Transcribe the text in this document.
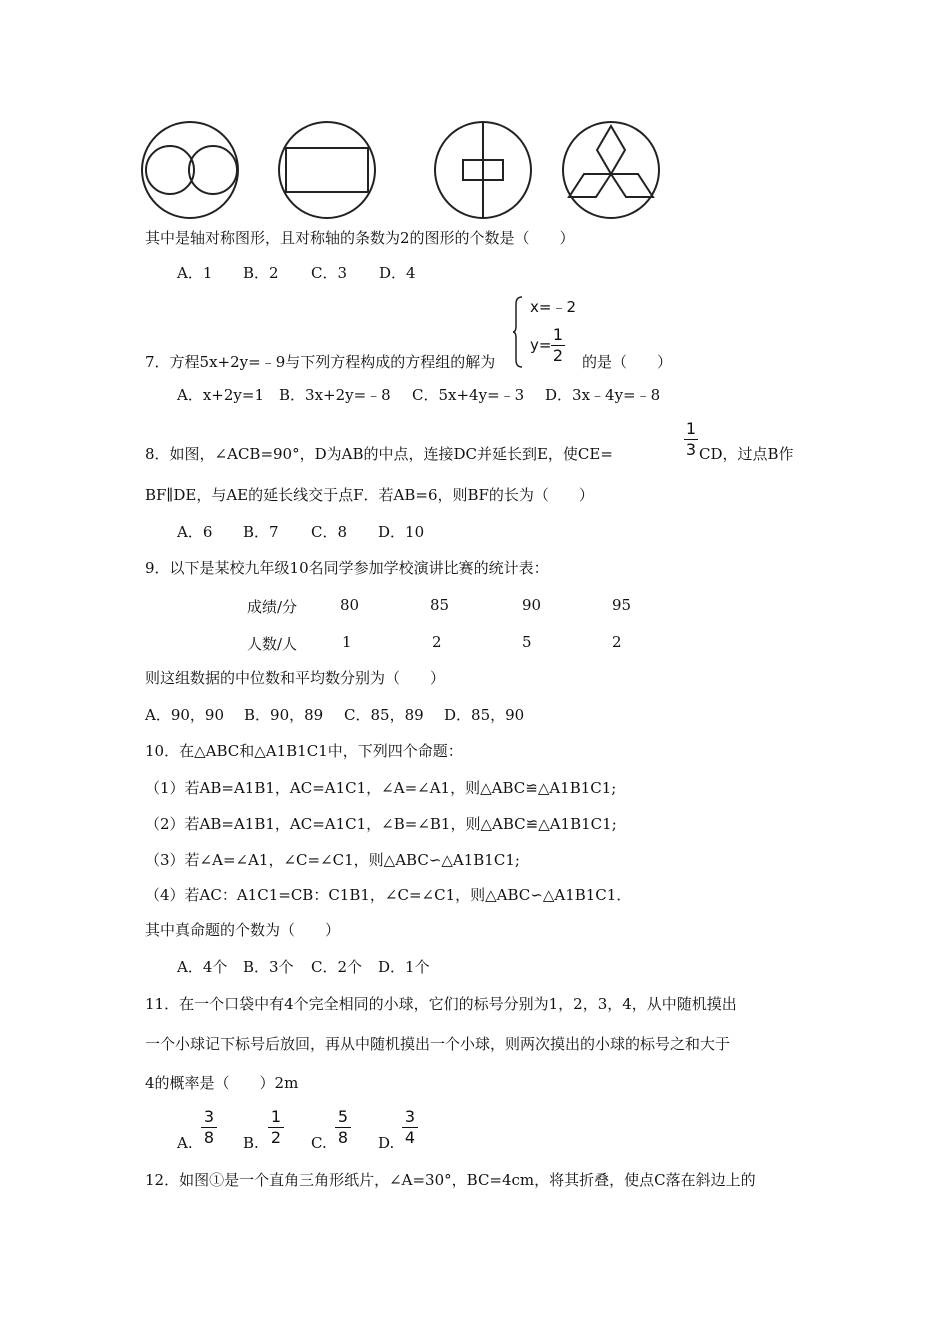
其中是轴对称图形，且对称轴的条数为2的图形的个数是（　　）
A．1 B．2 C．3 D．4
x=﹣2
y=
1
2
7．方程5x+2y=﹣9与下列方程构成的方程组的解为	的是（　　）
A．x+2y=1 B．3x+2y=﹣8 C．5x+4y=﹣3 D．3x﹣4y=﹣8
1
3
8．如图，∠ACB=90°，D为AB的中点，连接DC并延长到E，使CE=	CD，过点B作
BF∥DE，与AE的延长线交于点F．若AB=6，则BF的长为（　　）
A．6 B．7 C．8 D．10
9．以下是某校九年级10名同学参加学校演讲比赛的统计表：
成绩/分	80	85	90	95
人数/人	1	2	5	2
则这组数据的中位数和平均数分别为（　　）
A．90，90 B．90，89 C．85，89 D．85，90
10．在△ABC和△A1B1C1中，下列四个命题：
（1）若AB=A1B1，AC=A1C1，∠A=∠A1，则△ABC≌△A1B1C1;
（2）若AB=A1B1，AC=A1C1，∠B=∠B1，则△ABC≌△A1B1C1;
（3）若∠A=∠A1，∠C=∠C1，则△ABC∽△A1B1C1;
（4）若AC：A1C1=CB：C1B1，∠C=∠C1，则△ABC∽△A1B1C1．
其中真命题的个数为（　　）
A．4个 B．3个 C．2个 D．1个
11．在一个口袋中有4个完全相同的小球，它们的标号分别为1，2，3，4，从中随机摸出
一个小球记下标号后放回，再从中随机摸出一个小球，则两次摸出的小球的标号之和大于
4的概率是（　　）2m
A.
3
8 B.
1
2 C.
5
8 D.
3
4
12．如图①是一个直角三角形纸片，∠A=30°，BC=4cm，将其折叠，使点C落在斜边上的
